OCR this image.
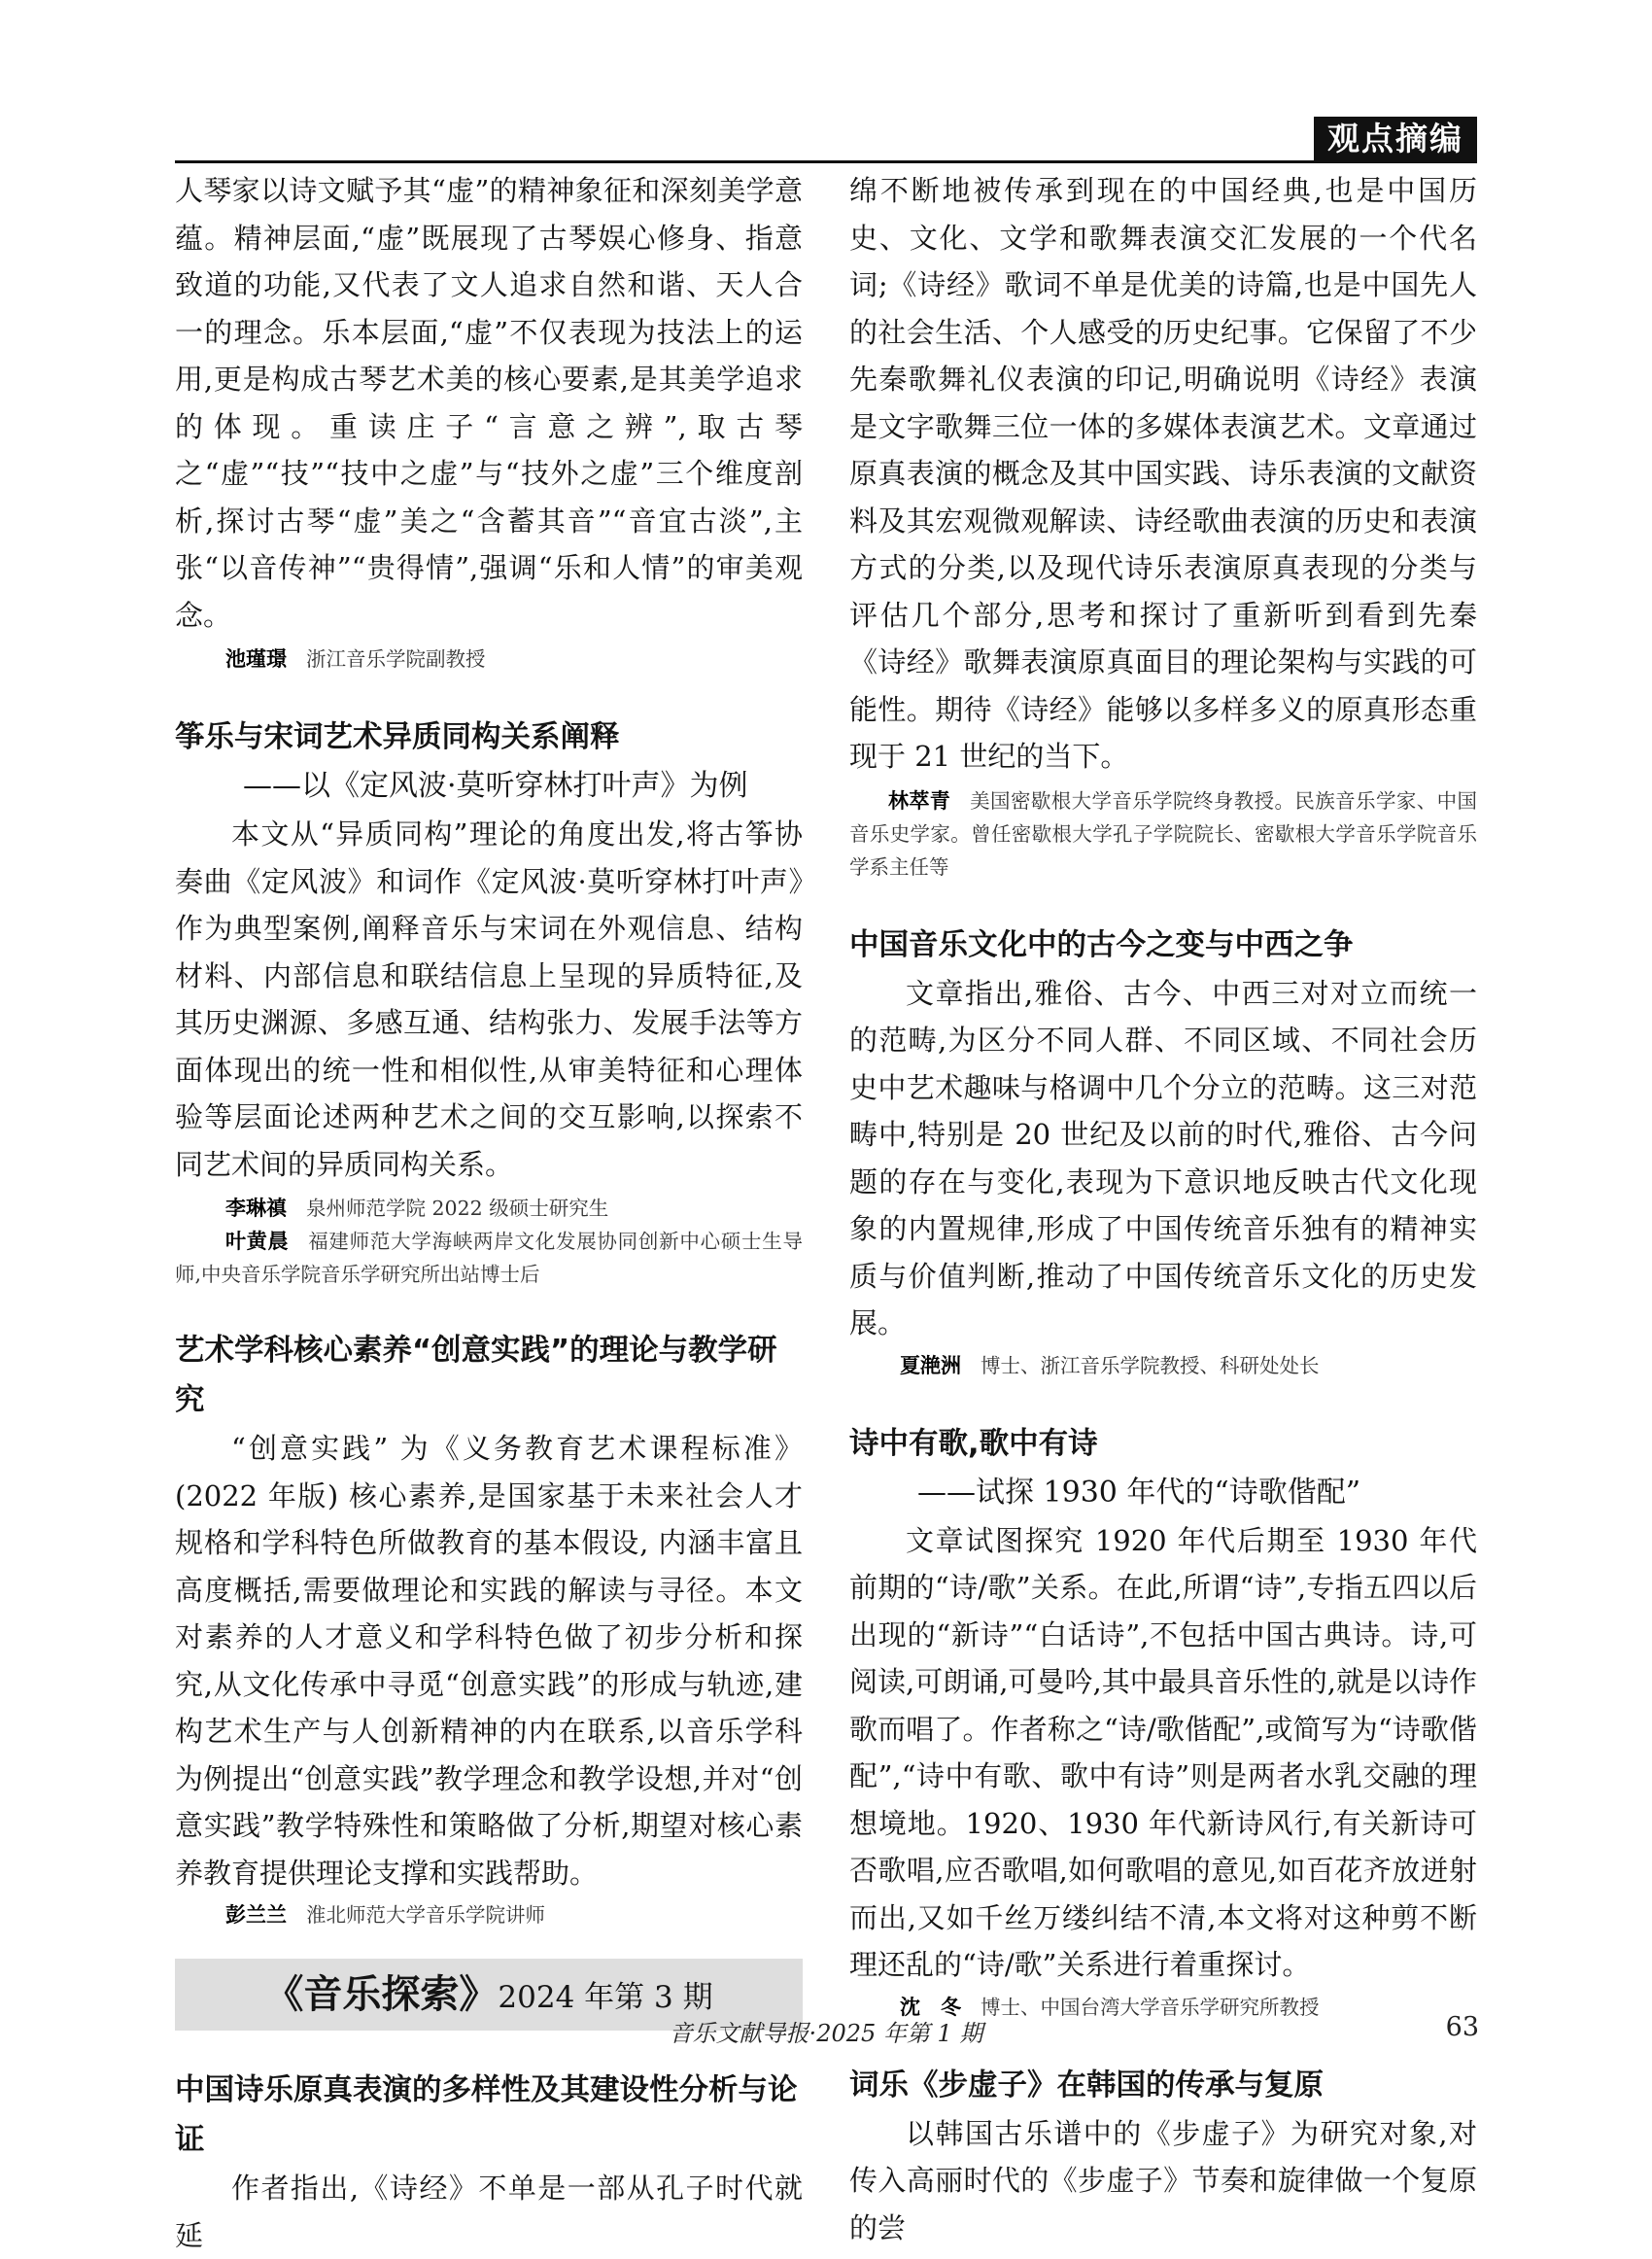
观点摘编

人琴家以诗文赋予其“虚”的精神象征和深刻美学意蕴。精神层面,“虚”既展现了古琴娱心修身、指意致道的功能,又代表了文人追求自然和谐、天人合一的理念。乐本层面,“虚”不仅表现为技法上的运用,更是构成古琴艺术美的核心要素,是其美学追求的体现。重读庄子“言意之辨”,取古琴之“虚”“技”“技中之虚”与“技外之虚”三个维度剖析,探讨古琴“虚”美之“含蓄其音”“音宜古淡”,主张“以音传神”“贵得情”,强调“乐和人情”的审美观念。

池瑾璟 浙江音乐学院副教授

筝乐与宋词艺术异质同构关系阐释

——以《定风波·莫听穿林打叶声》为例

本文从“异质同构”理论的角度出发,将古筝协奏曲《定风波》和词作《定风波·莫听穿林打叶声》作为典型案例,阐释音乐与宋词在外观信息、结构材料、内部信息和联结信息上呈现的异质特征,及其历史渊源、多感互通、结构张力、发展手法等方面体现出的统一性和相似性,从审美特征和心理体验等层面论述两种艺术之间的交互影响,以探索不同艺术间的异质同构关系。

李琳禛 泉州师范学院 2022 级硕士研究生

叶黄晨 福建师范大学海峡两岸文化发展协同创新中心硕士生导师,中央音乐学院音乐学研究所出站博士后

艺术学科核心素养“创意实践”的理论与教学研究

“创意实践” 为《义务教育艺术课程标准》(2022 年版) 核心素养,是国家基于未来社会人才规格和学科特色所做教育的基本假设, 内涵丰富且高度概括,需要做理论和实践的解读与寻径。本文对素养的人才意义和学科特色做了初步分析和探究,从文化传承中寻觅“创意实践”的形成与轨迹,建构艺术生产与人创新精神的内在联系,以音乐学科为例提出“创意实践”教学理念和教学设想,并对“创意实践”教学特殊性和策略做了分析,期望对核心素养教育提供理论支撑和实践帮助。

彭兰兰 淮北师范大学音乐学院讲师

《音乐探索》2024 年第 3 期

中国诗乐原真表演的多样性及其建设性分析与论证

作者指出,《诗经》不单是一部从孔子时代就延

绵不断地被传承到现在的中国经典,也是中国历史、文化、文学和歌舞表演交汇发展的一个代名词;《诗经》歌词不单是优美的诗篇,也是中国先人的社会生活、个人感受的历史纪事。它保留了不少先秦歌舞礼仪表演的印记,明确说明《诗经》表演是文字歌舞三位一体的多媒体表演艺术。文章通过原真表演的概念及其中国实践、诗乐表演的文献资料及其宏观微观解读、诗经歌曲表演的历史和表演方式的分类,以及现代诗乐表演原真表现的分类与评估几个部分,思考和探讨了重新听到看到先秦《诗经》歌舞表演原真面目的理论架构与实践的可能性。期待《诗经》能够以多样多义的原真形态重现于 21 世纪的当下。

林萃青 美国密歇根大学音乐学院终身教授。民族音乐学家、中国音乐史学家。曾任密歇根大学孔子学院院长、密歇根大学音乐学院音乐学系主任等

中国音乐文化中的古今之变与中西之争

文章指出,雅俗、古今、中西三对对立而统一的范畴,为区分不同人群、不同区域、不同社会历史中艺术趣味与格调中几个分立的范畴。这三对范畴中,特别是 20 世纪及以前的时代,雅俗、古今问题的存在与变化,表现为下意识地反映古代文化现象的内置规律,形成了中国传统音乐独有的精神实质与价值判断,推动了中国传统音乐文化的历史发展。

夏滟洲 博士、浙江音乐学院教授、科研处处长

诗中有歌,歌中有诗

——试探 1930 年代的“诗歌偕配”

文章试图探究 1920 年代后期至 1930 年代前期的“诗/歌”关系。在此,所谓“诗”,专指五四以后出现的“新诗”“白话诗”,不包括中国古典诗。诗,可阅读,可朗诵,可曼吟,其中最具音乐性的,就是以诗作歌而唱了。作者称之“诗/歌偕配”,或简写为“诗歌偕配”,“诗中有歌、歌中有诗”则是两者水乳交融的理想境地。1920、1930 年代新诗风行,有关新诗可否歌唱,应否歌唱,如何歌唱的意见,如百花齐放迸射而出,又如千丝万缕纠结不清,本文将对这种剪不断理还乱的“诗/歌”关系进行着重探讨。

沈　冬 博士、中国台湾大学音乐学研究所教授

词乐《步虚子》在韩国的传承与复原

以韩国古乐谱中的《步虚子》为研究对象,对传入高丽时代的《步虚子》节奏和旋律做一个复原的尝

音乐文献导报·2025 年第 1 期	63
